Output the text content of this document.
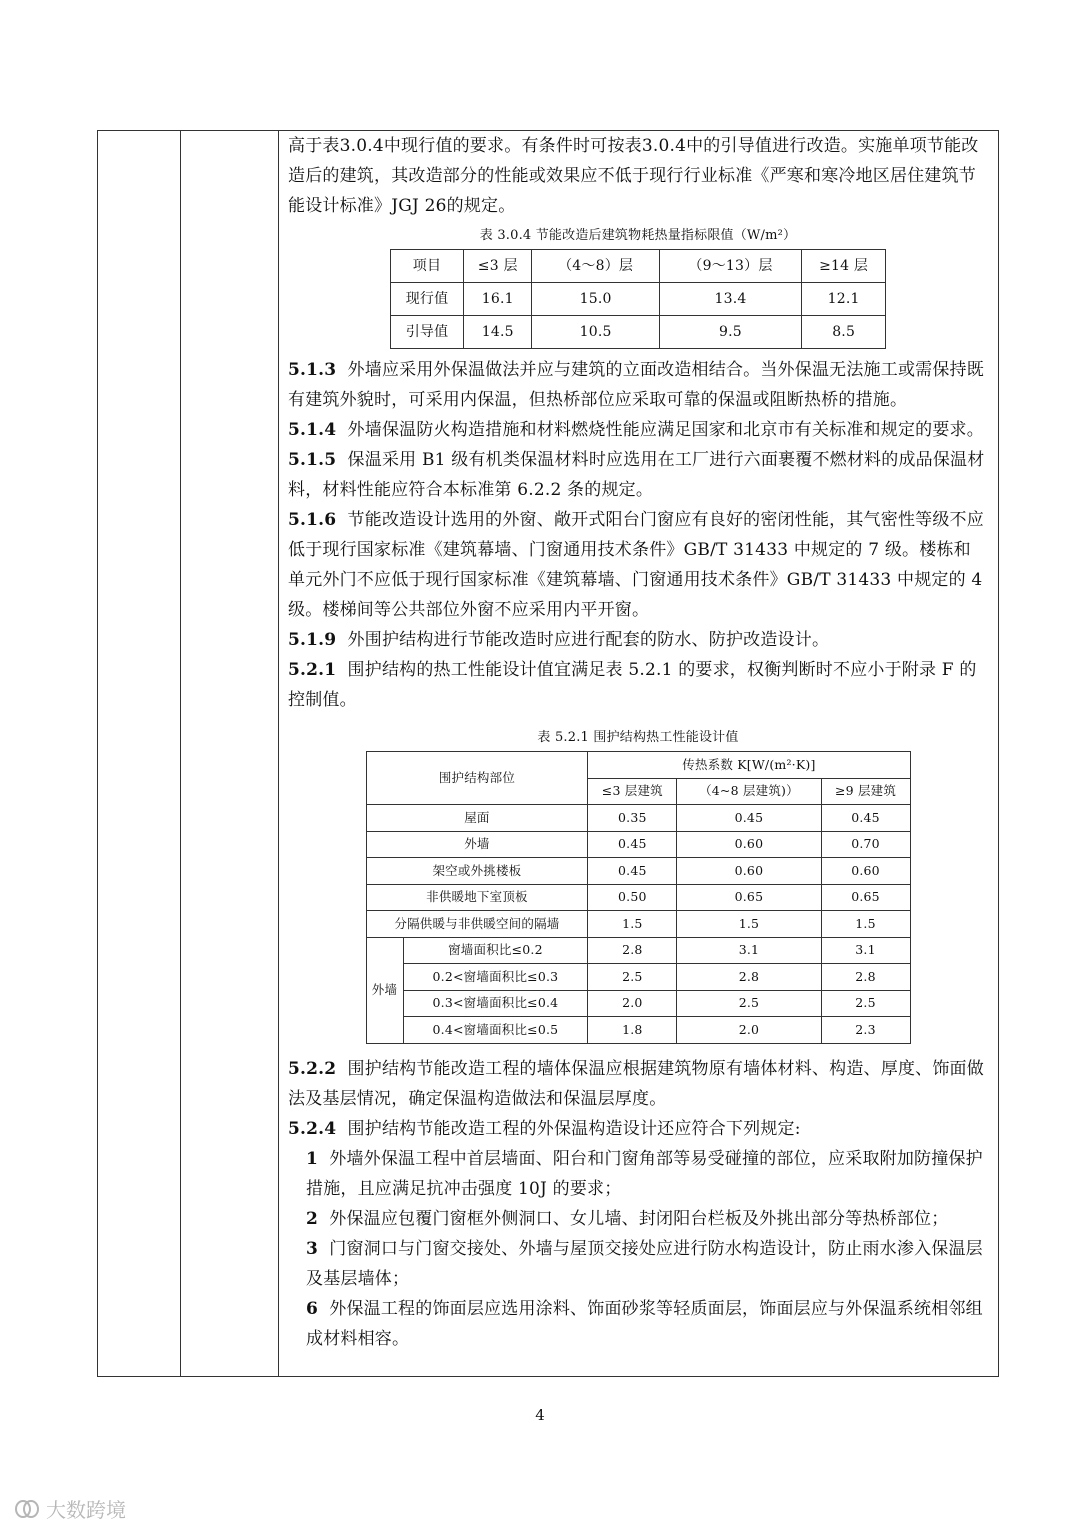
高于表3.0.4中现行值的要求。有条件时可按表3.0.4中的引导值进行改造。实施单项节能改造后的建筑，其改造部分的性能或效果应不低于现行行业标准《严寒和寒冷地区居住建筑节能设计标准》JGJ 26的规定。

表 3.0.4 节能改造后建筑物耗热量指标限值（W/m²）
项目	≤3 层	（4～8）层	（9～13）层	≥14 层
现行值	16.1	15.0	13.4	12.1
引导值	14.5	10.5	9.5	8.5

5.1.3 外墙应采用外保温做法并应与建筑的立面改造相结合。当外保温无法施工或需保持既有建筑外貌时，可采用内保温，但热桥部位应采取可靠的保温或阻断热桥的措施。

5.1.4 外墙保温防火构造措施和材料燃烧性能应满足国家和北京市有关标准和规定的要求。

5.1.5 保温采用 B1 级有机类保温材料时应选用在工厂进行六面裹覆不燃材料的成品保温材料，材料性能应符合本标准第 6.2.2 条的规定。

5.1.6 节能改造设计选用的外窗、敞开式阳台门窗应有良好的密闭性能，其气密性等级不应低于现行国家标准《建筑幕墙、门窗通用技术条件》GB/T 31433 中规定的 7 级。楼栋和单元外门不应低于现行国家标准《建筑幕墙、门窗通用技术条件》GB/T 31433 中规定的 4 级。楼梯间等公共部位外窗不应采用内平开窗。

5.1.9 外围护结构进行节能改造时应进行配套的防水、防护改造设计。

5.2.1 围护结构的热工性能设计值宜满足表 5.2.1 的要求，权衡判断时不应小于附录 F 的控制值。

表 5.2.1 围护结构热工性能设计值
围护结构部位		传热系数 K[W/(m²·K)]		
		≤3 层建筑	（4~8 层建筑)）	≥9 层建筑
屋面		0.35	0.45	0.45
外墙		0.45	0.60	0.70
架空或外挑楼板		0.45	0.60	0.60
非供暖地下室顶板		0.50	0.65	0.65
分隔供暖与非供暖空间的隔墙		1.5	1.5	1.5
外墙	窗墙面积比≤0.2	2.8	3.1	3.1
	0.2<窗墙面积比≤0.3	2.5	2.8	2.8
	0.3<窗墙面积比≤0.4	2.0	2.5	2.5
	0.4<窗墙面积比≤0.5	1.8	2.0	2.3

5.2.2 围护结构节能改造工程的墙体保温应根据建筑物原有墙体材料、构造、厚度、饰面做法及基层情况，确定保温构造做法和保温层厚度。

5.2.4 围护结构节能改造工程的外保温构造设计还应符合下列规定:

1 外墙外保温工程中首层墙面、阳台和门窗角部等易受碰撞的部位，应采取附加防撞保护措施，且应满足抗冲击强度 10J 的要求；

2 外保温应包覆门窗框外侧洞口、女儿墙、封闭阳台栏板及外挑出部分等热桥部位；

3 门窗洞口与门窗交接处、外墙与屋顶交接处应进行防水构造设计，防止雨水渗入保温层及基层墙体；

6 外保温工程的饰面层应选用涂料、饰面砂浆等轻质面层，饰面层应与外保温系统相邻组成材料相容。

4
大数跨境
